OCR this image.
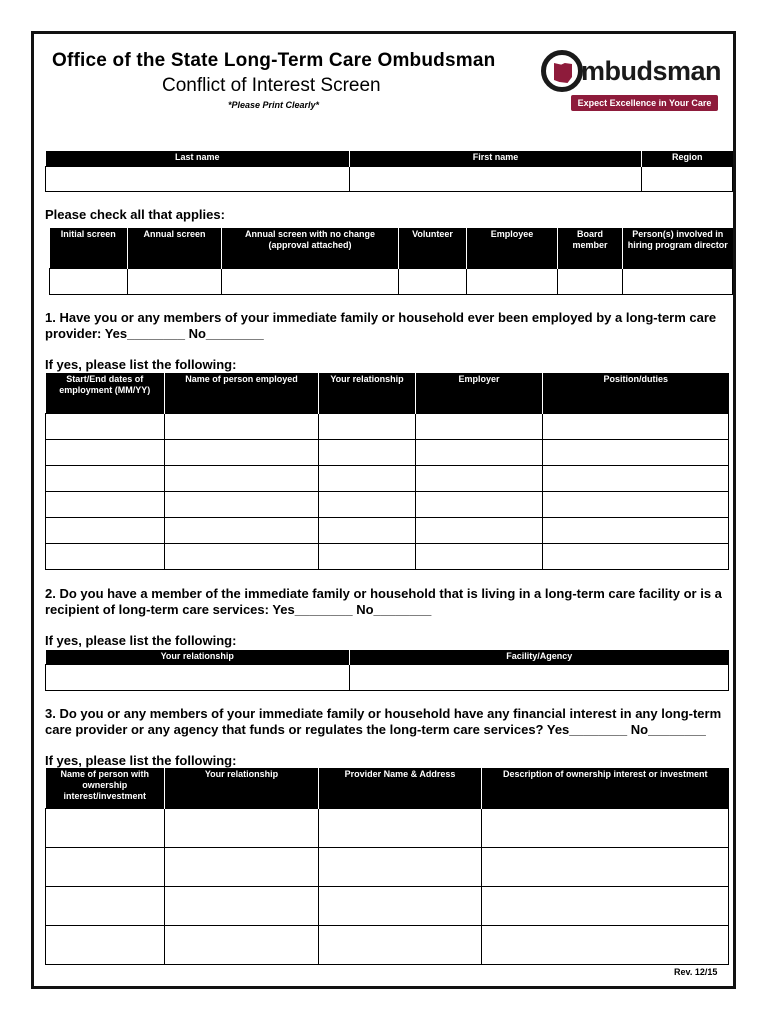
Office of the State Long-Term Care Ombudsman
Conflict of Interest Screen
*Please Print Clearly*
mbudsman
Expect Excellence in Your Care
Last name	First name	Region

Please check all that applies:
Initial screen	Annual screen	Annual screen with no change (approval attached)	Volunteer	Employee	Board member	Person(s) involved in hiring program director

1. Have you or any members of your immediate family or household ever been employed by a long-term care provider: Yes________ No________
If yes, please list the following:
Start/End dates of employment (MM/YY)	Name of person employed	Your relationship	Employer	Position/duties

2. Do you have a member of the immediate family or household that is living in a long-term care facility or is a recipient of long-term care services: Yes________ No________
If yes, please list the following:
Your relationship	Facility/Agency

3. Do you or any members of your immediate family or household have any financial interest in any long-term care provider or any agency that funds or regulates the long-term care services? Yes________ No________
If yes, please list the following:
Name of person with ownership interest/investment	Your relationship	Provider Name & Address	Description of ownership interest or investment

Rev. 12/15
